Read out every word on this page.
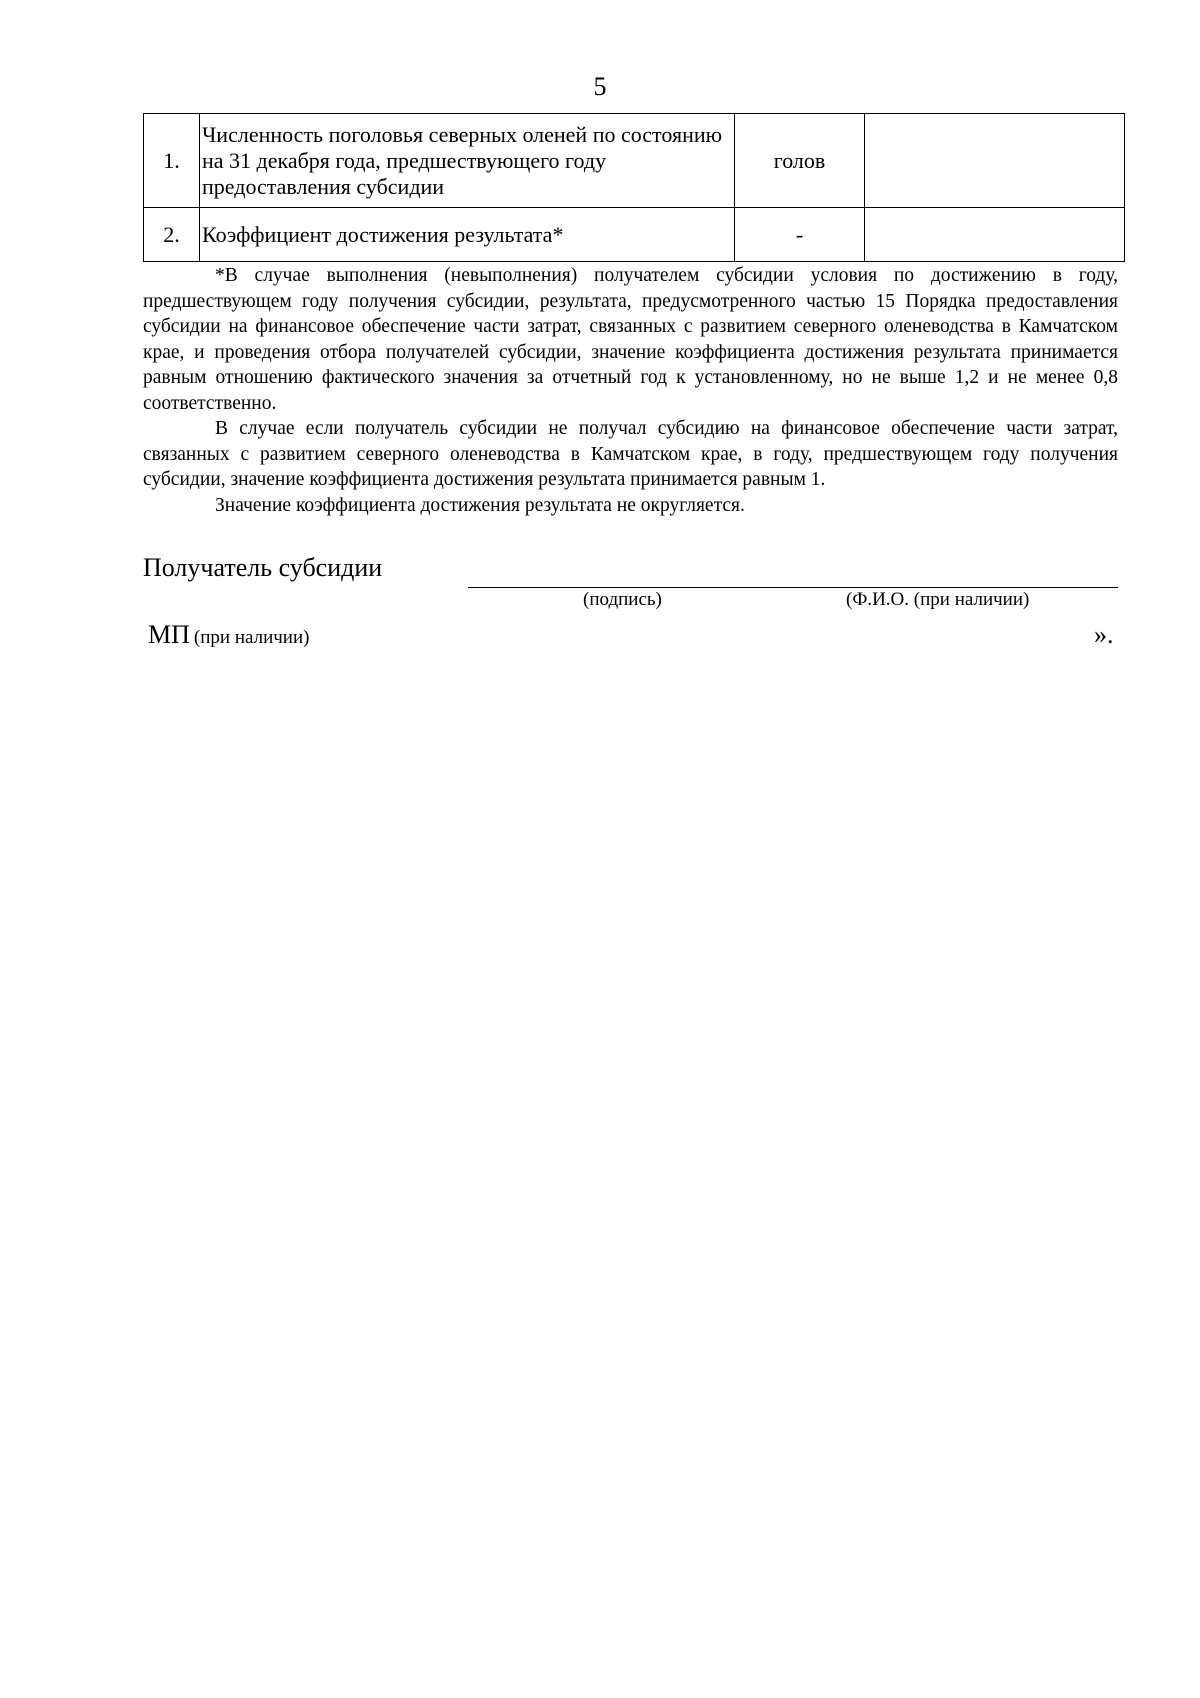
5
1.	Численность поголовья северных оленей по состоянию на 31 декабря года, предшествующего году предоставления субсидии	голов	
2.	Коэффициент достижения результата*	-	

*В случае выполнения (невыполнения) получателем субсидии условия по достижению в году, предшествующем году получения субсидии, результата, предусмотренного частью 15 Порядка предоставления субсидии на финансовое обеспечение части затрат, связанных с развитием северного оленеводства в Камчатском крае, и проведения отбора получателей субсидии, значение коэффициента достижения результата принимается равным отношению фактического значения за отчетный год к установленному, но не выше 1,2 и не менее 0,8 соответственно.

В случае если получатель субсидии не получал субсидию на финансовое обеспечение части затрат, связанных с развитием северного оленеводства в Камчатском крае, в году, предшествующем году получения субсидии, значение коэффициента достижения результата принимается равным 1.

Значение коэффициента достижения результата не округляется.

Получатель субсидии
(подпись)	(Ф.И.О. (при наличии)
МП (при наличии)	».
